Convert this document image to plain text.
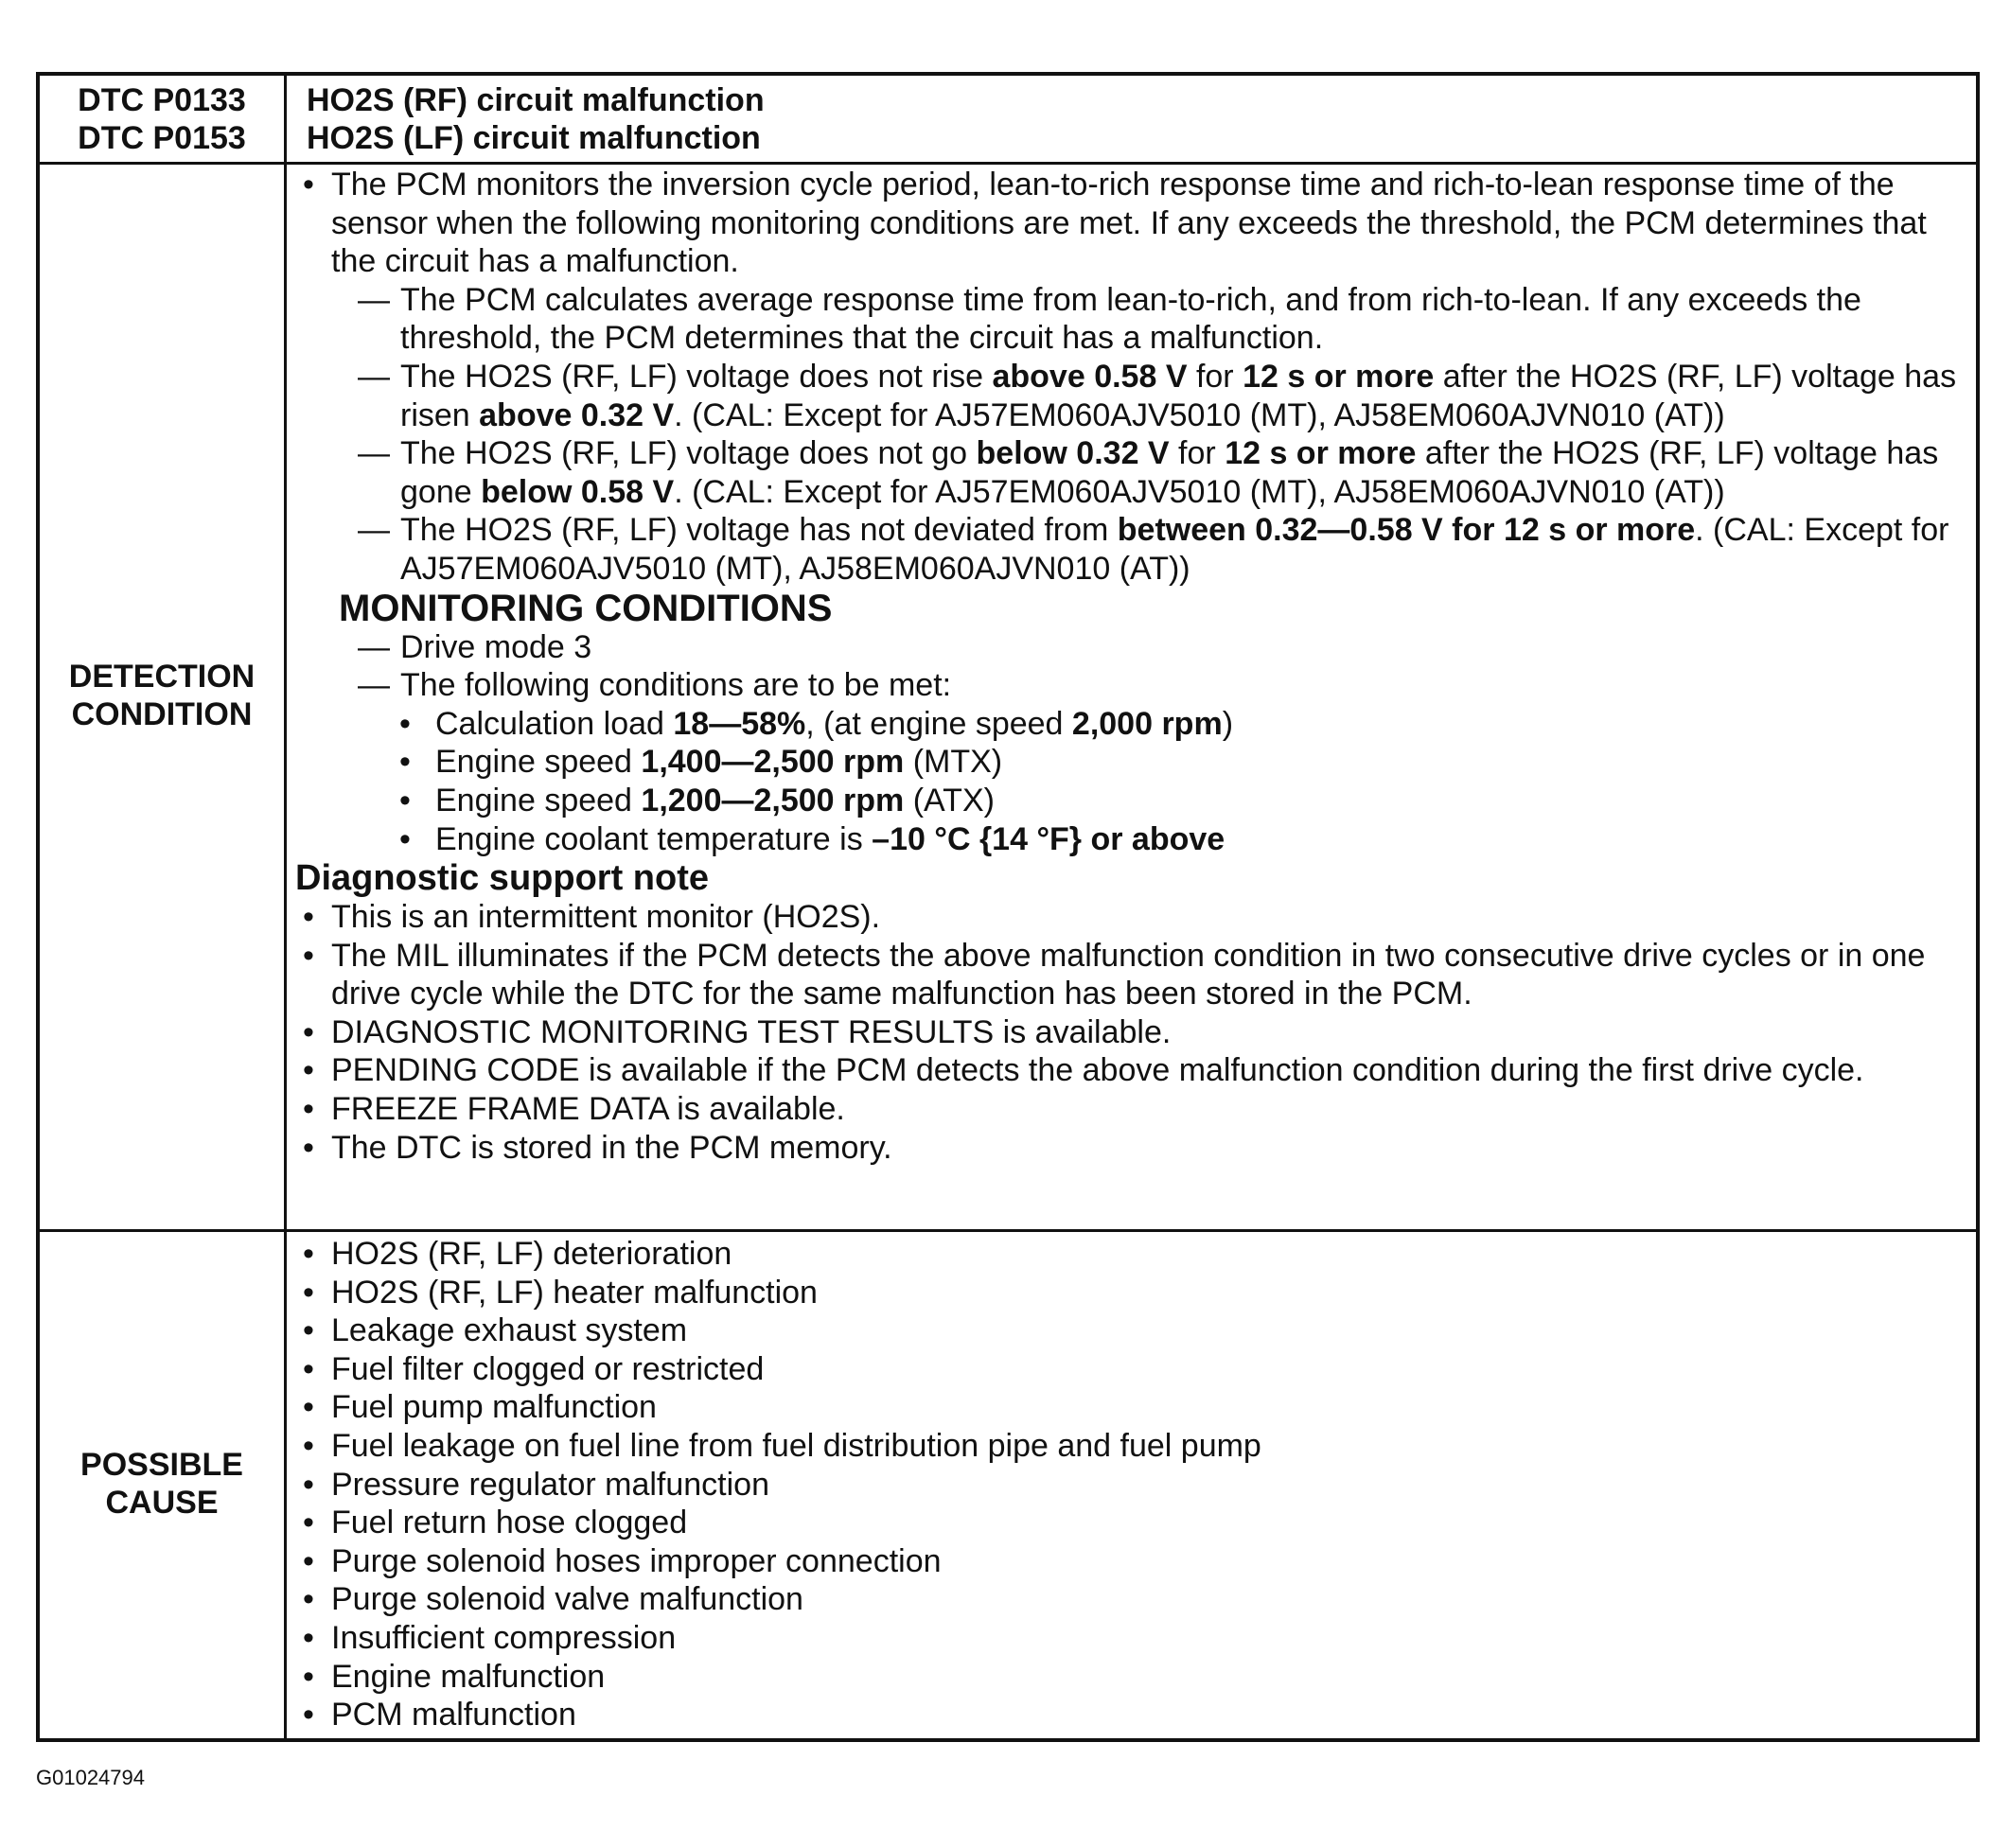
DTC P0133
DTC P0153
HO2S (RF) circuit malfunction
HO2S (LF) circuit malfunction
DETECTION
CONDITION
• The PCM monitors the inversion cycle period, lean-to-rich response time and rich-to-lean response time of the sensor when the following monitoring conditions are met. If any exceeds the threshold, the PCM determines that the circuit has a malfunction.
— The PCM calculates average response time from lean-to-rich, and from rich-to-lean. If any exceeds the threshold, the PCM determines that the circuit has a malfunction.
— The HO2S (RF, LF) voltage does not rise above 0.58 V for 12 s or more after the HO2S (RF, LF) voltage has risen above 0.32 V. (CAL: Except for AJ57EM060AJV5010 (MT), AJ58EM060AJVN010 (AT))
— The HO2S (RF, LF) voltage does not go below 0.32 V for 12 s or more after the HO2S (RF, LF) voltage has gone below 0.58 V. (CAL: Except for AJ57EM060AJV5010 (MT), AJ58EM060AJVN010 (AT))
— The HO2S (RF, LF) voltage has not deviated from between 0.32—0.58 V for 12 s or more. (CAL: Except for AJ57EM060AJV5010 (MT), AJ58EM060AJVN010 (AT))
MONITORING CONDITIONS
— Drive mode 3
— The following conditions are to be met:
• Calculation load 18—58%, (at engine speed 2,000 rpm)
• Engine speed 1,400—2,500 rpm (MTX)
• Engine speed 1,200—2,500 rpm (ATX)
• Engine coolant temperature is –10 °C {14 °F} or above
Diagnostic support note
• This is an intermittent monitor (HO2S).
• The MIL illuminates if the PCM detects the above malfunction condition in two consecutive drive cycles or in one drive cycle while the DTC for the same malfunction has been stored in the PCM.
• DIAGNOSTIC MONITORING TEST RESULTS is available.
• PENDING CODE is available if the PCM detects the above malfunction condition during the first drive cycle.
• FREEZE FRAME DATA is available.
• The DTC is stored in the PCM memory.
POSSIBLE
CAUSE
• HO2S (RF, LF) deterioration
• HO2S (RF, LF) heater malfunction
• Leakage exhaust system
• Fuel filter clogged or restricted
• Fuel pump malfunction
• Fuel leakage on fuel line from fuel distribution pipe and fuel pump
• Pressure regulator malfunction
• Fuel return hose clogged
• Purge solenoid hoses improper connection
• Purge solenoid valve malfunction
• Insufficient compression
• Engine malfunction
• PCM malfunction
G01024794
